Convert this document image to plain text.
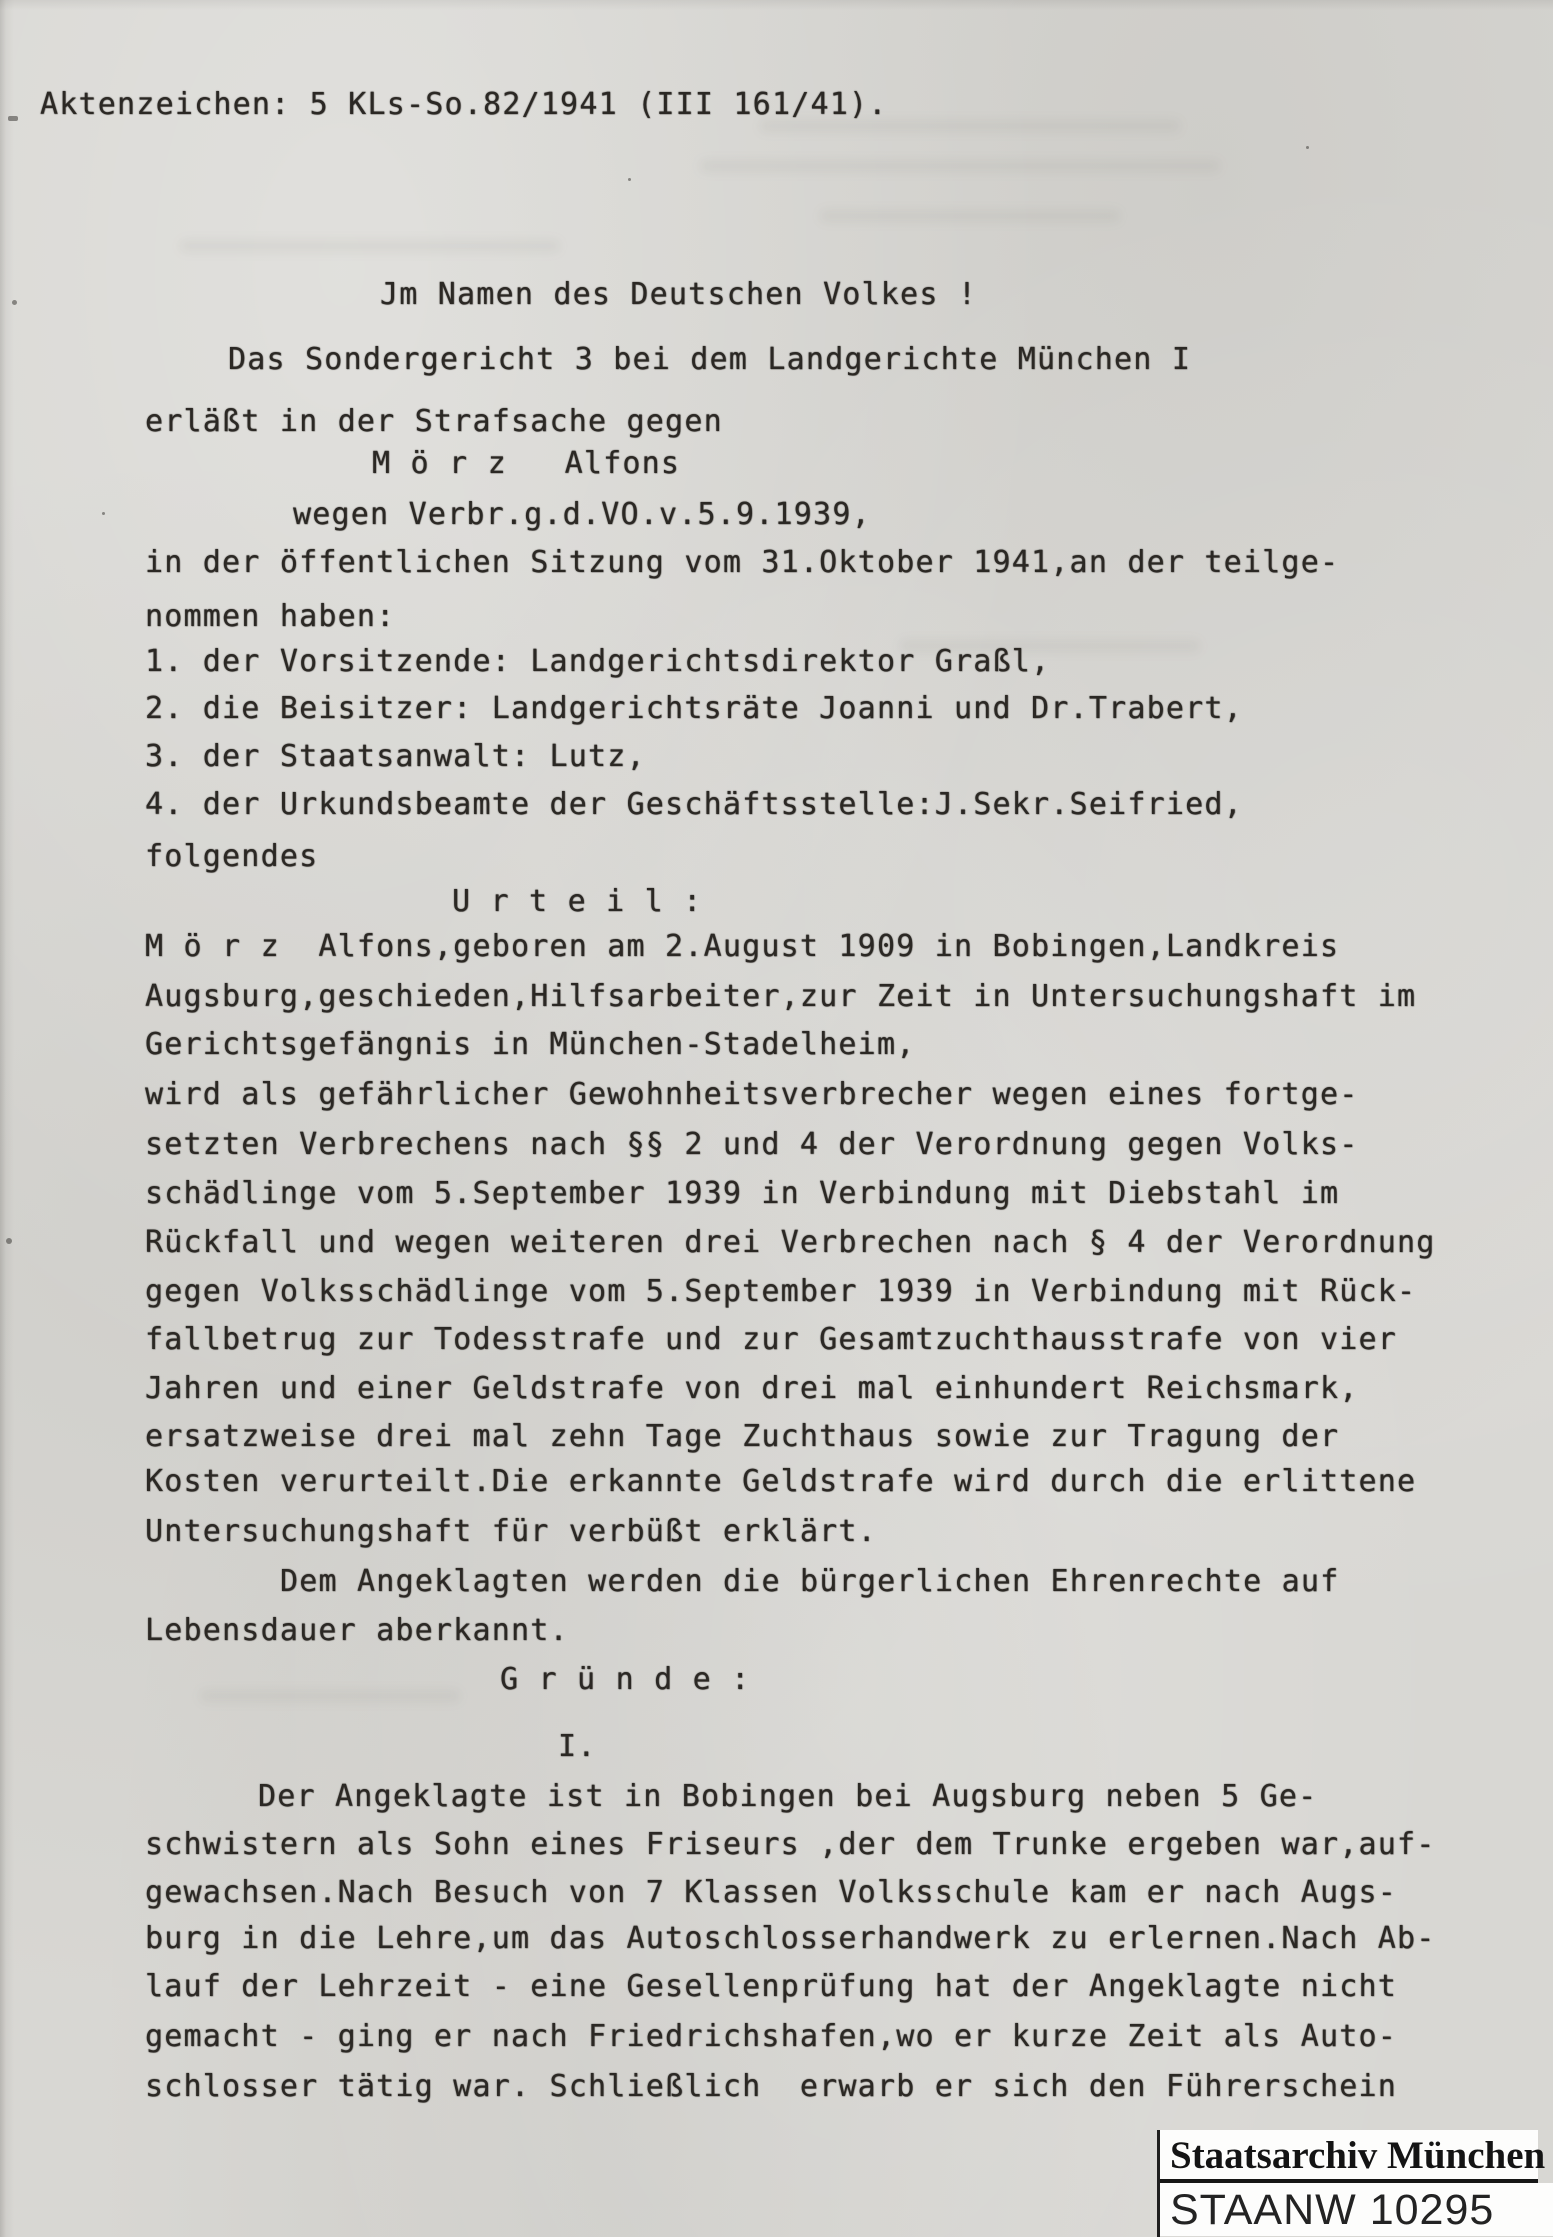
Aktenzeichen: 5 KLs-So.82/1941 (III 161/41).
Jm Namen des Deutschen Volkes !
Das Sondergericht 3 bei dem Landgerichte München I
erläßt in der Strafsache gegen
M ö r z   Alfons
wegen Verbr.g.d.VO.v.5.9.1939,
in der öffentlichen Sitzung vom 31.Oktober 1941,an der teilge-
nommen haben:
1. der Vorsitzende: Landgerichtsdirektor Graßl,
2. die Beisitzer: Landgerichtsräte Joanni und Dr.Trabert,
3. der Staatsanwalt: Lutz,
4. der Urkundsbeamte der Geschäftsstelle:J.Sekr.Seifried,
folgendes
U r t e i l :
M ö r z  Alfons,geboren am 2.August 1909 in Bobingen,Landkreis
Augsburg,geschieden,Hilfsarbeiter,zur Zeit in Untersuchungshaft im
Gerichtsgefängnis in München-Stadelheim,
wird als gefährlicher Gewohnheitsverbrecher wegen eines fortge-
setzten Verbrechens nach §§ 2 und 4 der Verordnung gegen Volks-
schädlinge vom 5.September 1939 in Verbindung mit Diebstahl im
Rückfall und wegen weiteren drei Verbrechen nach § 4 der Verordnung
gegen Volksschädlinge vom 5.September 1939 in Verbindung mit Rück-
fallbetrug zur Todesstrafe und zur Gesamtzuchthausstrafe von vier
Jahren und einer Geldstrafe von drei mal einhundert Reichsmark,
ersatzweise drei mal zehn Tage Zuchthaus sowie zur Tragung der
Kosten verurteilt.Die erkannte Geldstrafe wird durch die erlittene
Untersuchungshaft für verbüßt erklärt.
Dem Angeklagten werden die bürgerlichen Ehrenrechte auf
Lebensdauer aberkannt.
G r ü n d e :
I.
Der Angeklagte ist in Bobingen bei Augsburg neben 5 Ge-
schwistern als Sohn eines Friseurs ,der dem Trunke ergeben war,auf-
gewachsen.Nach Besuch von 7 Klassen Volksschule kam er nach Augs-
burg in die Lehre,um das Autoschlosserhandwerk zu erlernen.Nach Ab-
lauf der Lehrzeit - eine Gesellenprüfung hat der Angeklagte nicht
gemacht - ging er nach Friedrichshafen,wo er kurze Zeit als Auto-
schlosser tätig war. Schließlich  erwarb er sich den Führerschein
Staatsarchiv München
STAANW 10295
